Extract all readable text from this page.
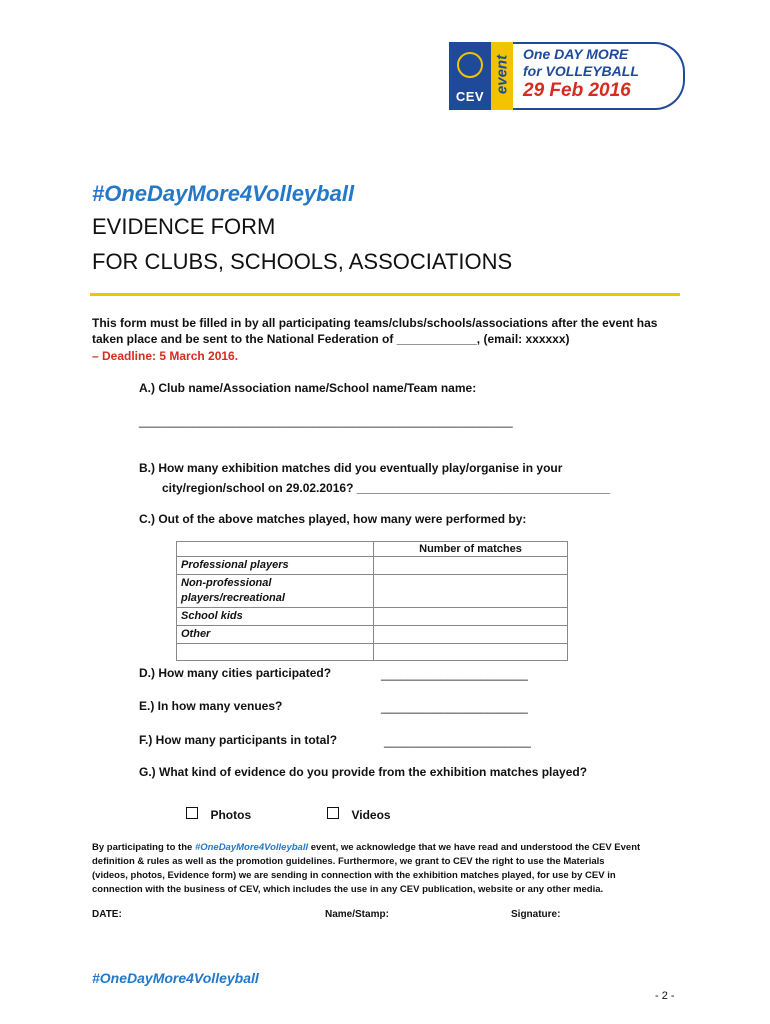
CEV
event
One DAY MORE
for VOLLEYBALL
29 Feb 2016
#OneDayMore4Volleyball
EVIDENCE FORM
FOR CLUBS, SCHOOLS, ASSOCIATIONS
This form must be filled in by all participating teams/clubs/schools/associations after the event has
taken place and be sent to the National Federation of ____________, (email: xxxxxx)
– Deadline: 5 March 2016.
A.) Club name/Association name/School name/Team name:
________________________________________________________
B.) How many exhibition matches did you eventually play/organise in your
city/region/school on 29.02.2016? ______________________________________
C.) Out of the above matches played, how many were performed by:
	Number of matches
Professional players	
Non-professional players/recreational	
School kids	
Other	

D.) How many cities participated?	______________________
E.) In how many venues?	______________________
F.) How many participants in total?	______________________
G.) What kind of evidence do you provide from the exhibition matches played?
Photos	Videos
By participating to the #OneDayMore4Volleyball event, we acknowledge that we have read and understood the CEV Event
definition & rules as well as the promotion guidelines. Furthermore, we grant to CEV the right to use the Materials
(videos, photos, Evidence form) we are sending in connection with the exhibition matches played, for use by CEV in
connection with the business of CEV, which includes the use in any CEV publication, website or any other media.
DATE:	Name/Stamp:	Signature:
#OneDayMore4Volleyball
- 2 -
